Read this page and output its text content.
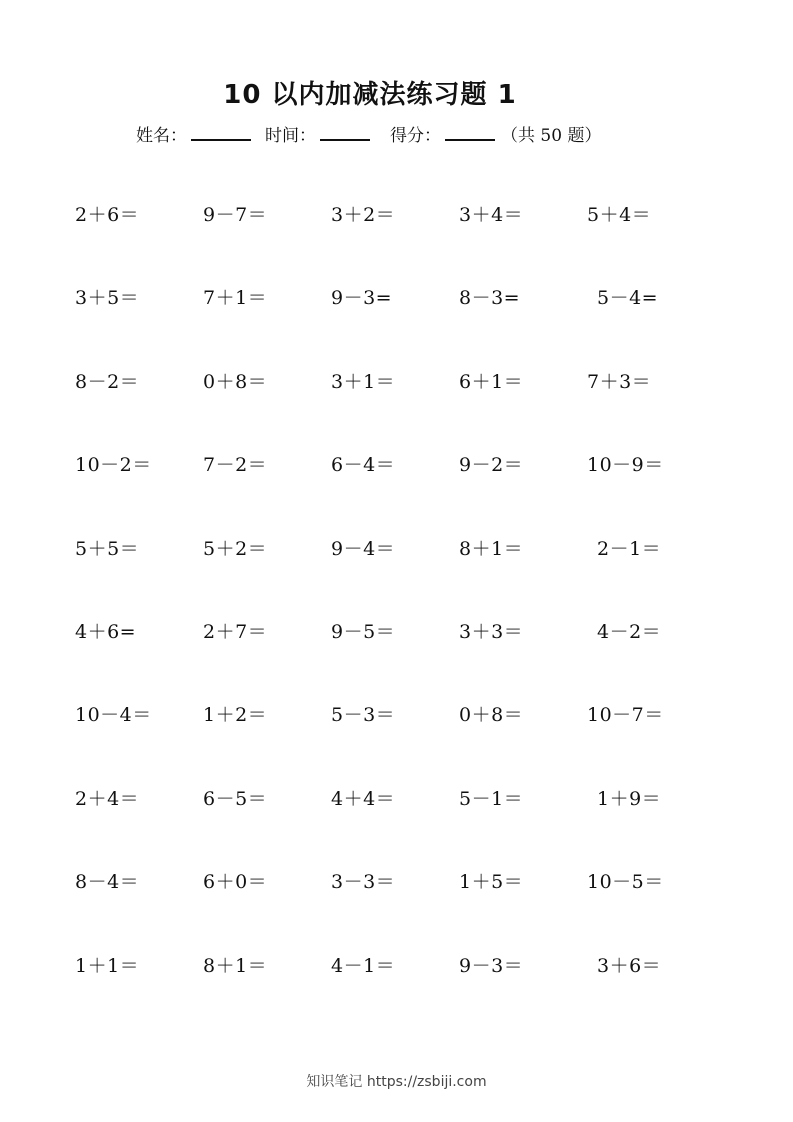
10 以内加减法练习题 1
姓名：	时间：	得分：	（共 50 题）
2＋6＝	9－7＝	3＋2＝	3＋4＝	5＋4＝
3＋5＝	7＋1＝	9－3=	8－3=	5－4=
8－2＝	0＋8＝	3＋1＝	6＋1＝	7＋3＝
10－2＝	7－2＝	6－4＝	9－2＝	10－9＝
5＋5＝	5＋2＝	9－4＝	8＋1＝	2－1＝
4＋6=	2＋7＝	9－5＝	3＋3＝	4－2＝
10－4＝	1＋2＝	5－3＝	0＋8＝	10－7＝
2＋4＝	6－5＝	4＋4＝	5－1＝	1＋9＝
8－4＝	6＋0＝	3－3＝	1＋5＝	10－5＝
1＋1＝	8＋1＝	4－1＝	9－3＝	3＋6＝
知识笔记 https://zsbiji.com
